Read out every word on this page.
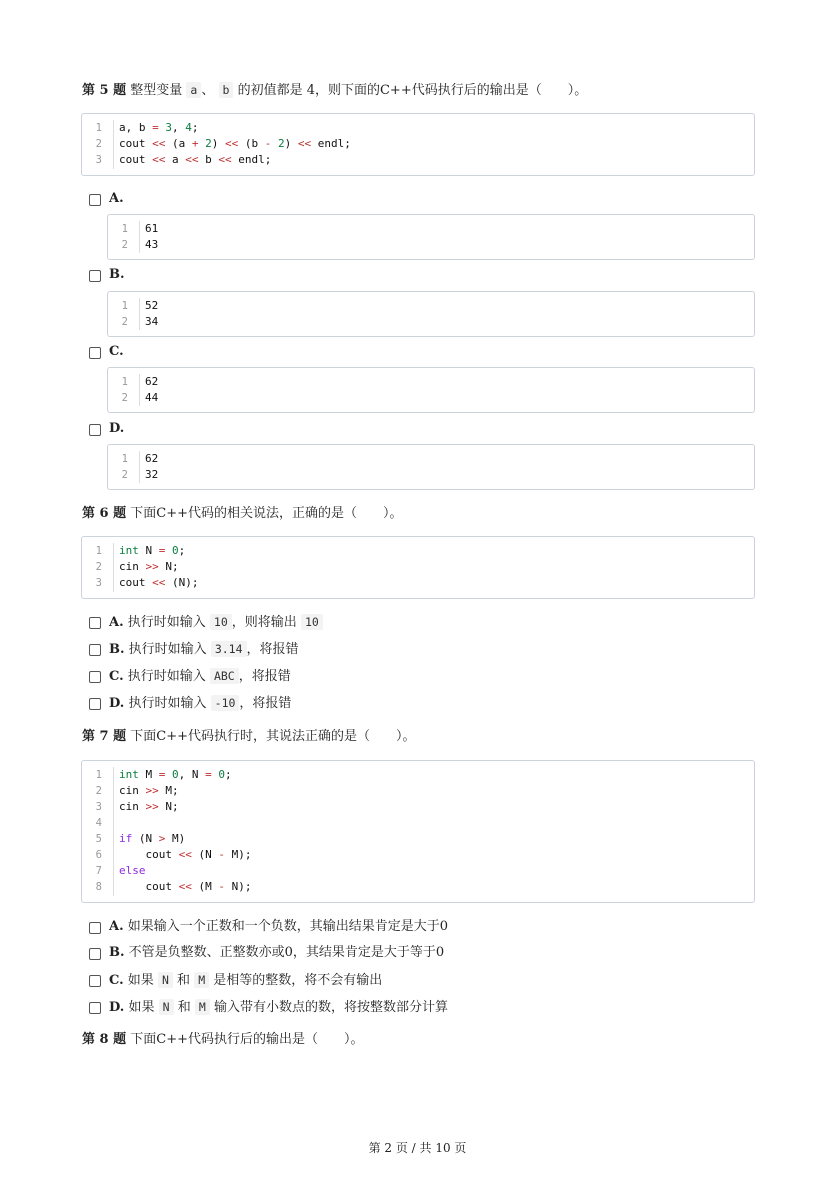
第 5 题 整型变量 a 、 b 的初值都是 4，则下面的C++代码执行后的输出是（　　）。
1 a, b = 3, 4;
2 cout << (a + 2) << (b - 2) << endl;
3 cout << a << b << endl;
A.
1 61
2 43
B.
1 52
2 34
C.
1 62
2 44
D.
1 62
2 32
第 6 题 下面C++代码的相关说法，正确的是（　　）。
1 int N = 0;
2 cin >> N;
3 cout << (N);
A. 执行时如输入 10 ，则将输出 10
B. 执行时如输入 3.14 ，将报错
C. 执行时如输入 ABC ，将报错
D. 执行时如输入 -10 ，将报错
第 7 题 下面C++代码执行时，其说法正确的是（　　）。
1 int M = 0, N = 0;
2 cin >> M;
3 cin >> N;
4
5 if (N > M)
6 cout << (N - M);
7 else
8 cout << (M - N);
A. 如果输入一个正数和一个负数，其输出结果肯定是大于0
B. 不管是负整数、正整数亦或0，其结果肯定是大于等于0
C. 如果 N 和 M 是相等的整数，将不会有输出
D. 如果 N 和 M 输入带有小数点的数，将按整数部分计算
第 8 题 下面C++代码执行后的输出是（　　）。
第 2 页 / 共 10 页
